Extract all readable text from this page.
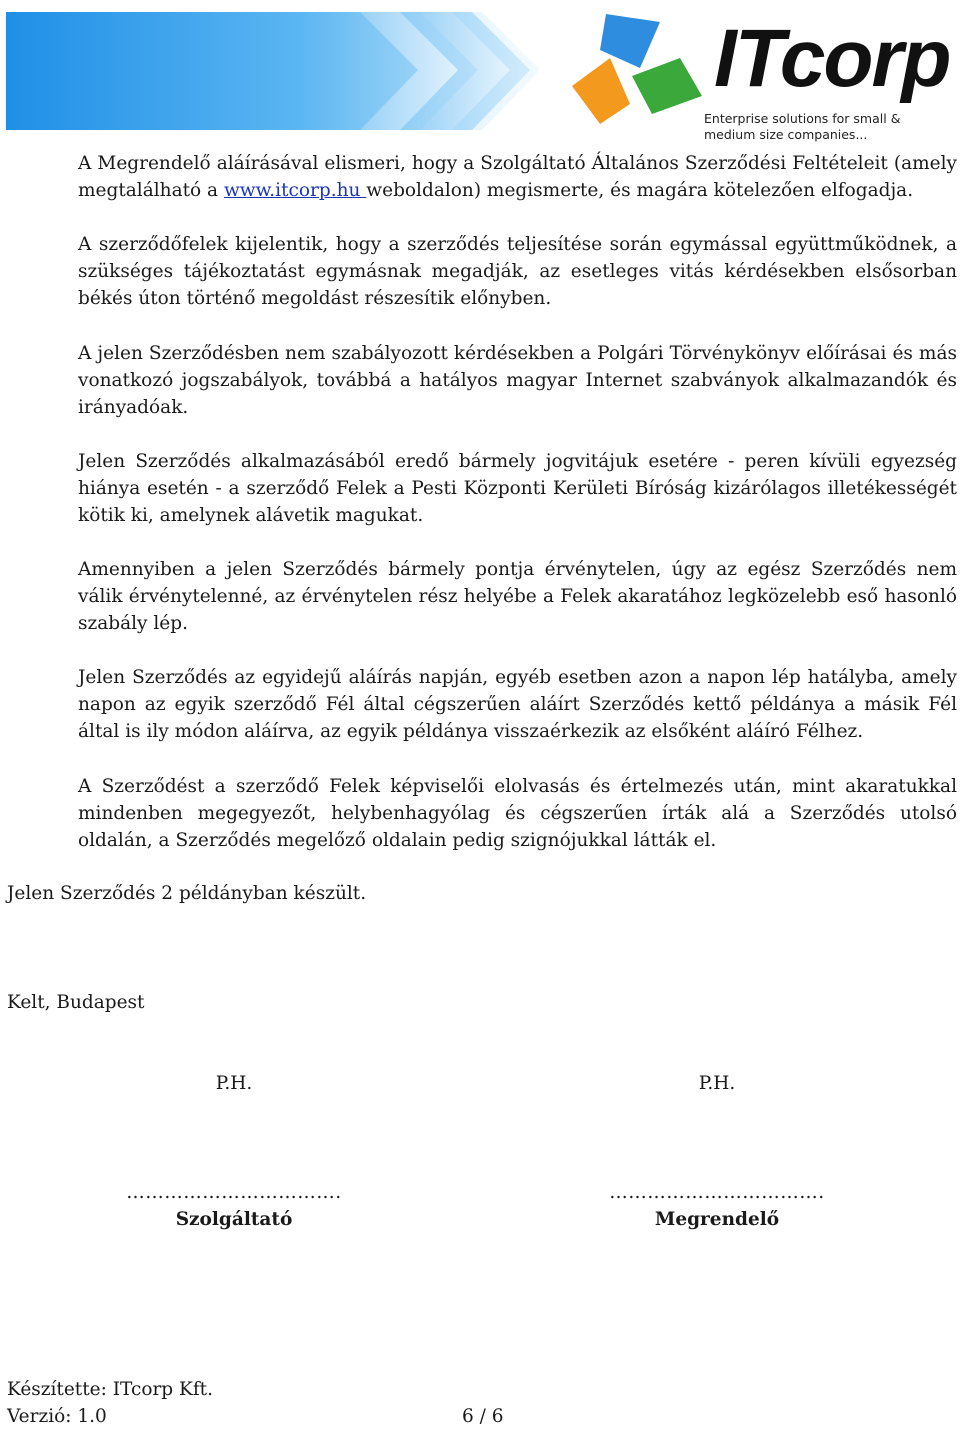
ITcorp
Enterprise solutions for small &
medium size companies...

A Megrendelő aláírásával elismeri, hogy a Szolgáltató Általános Szerződési Feltételeit (amely megtalálható a www.itcorp.hu weboldalon) megismerte, és magára kötelezően elfogadja.

A szerződőfelek kijelentik, hogy a szerződés teljesítése során egymással együttműködnek, a szükséges tájékoztatást egymásnak megadják, az esetleges vitás kérdésekben elsősorban békés úton történő megoldást részesítik előnyben.

A jelen Szerződésben nem szabályozott kérdésekben a Polgári Törvénykönyv előírásai és más vonatkozó jogszabályok, továbbá a hatályos magyar Internet szabványok alkalmazandók és irányadóak.

Jelen Szerződés alkalmazásából eredő bármely jogvitájuk esetére - peren kívüli egyezség hiánya esetén - a szerződő Felek a Pesti Központi Kerületi Bíróság kizárólagos illetékességét kötik ki, amelynek alávetik magukat.

Amennyiben a jelen Szerződés bármely pontja érvénytelen, úgy az egész Szerződés nem válik érvénytelenné, az érvénytelen rész helyébe a Felek akaratához legközelebb eső hasonló szabály lép.

Jelen Szerződés az egyidejű aláírás napján, egyéb esetben azon a napon lép hatályba, amely napon az egyik szerződő Fél által cégszerűen aláírt Szerződés kettő példánya a másik Fél által is ily módon aláírva, az egyik példánya visszaérkezik az elsőként aláíró Félhez.

A Szerződést a szerződő Felek képviselői elolvasás és értelmezés után, mint akaratukkal mindenben megegyezőt, helybenhagyólag és cégszerűen írták alá a Szerződés utolsó oldalán, a Szerződés megelőző oldalain pedig szignójukkal látták el.

Jelen Szerződés 2 példányban készült.
Kelt, Budapest
P.H.
…………………………….
Szolgáltató
P.H.
…………………………….
Megrendelő
Készítette: ITcorp Kft.
Verzió: 1.0	6 / 6
